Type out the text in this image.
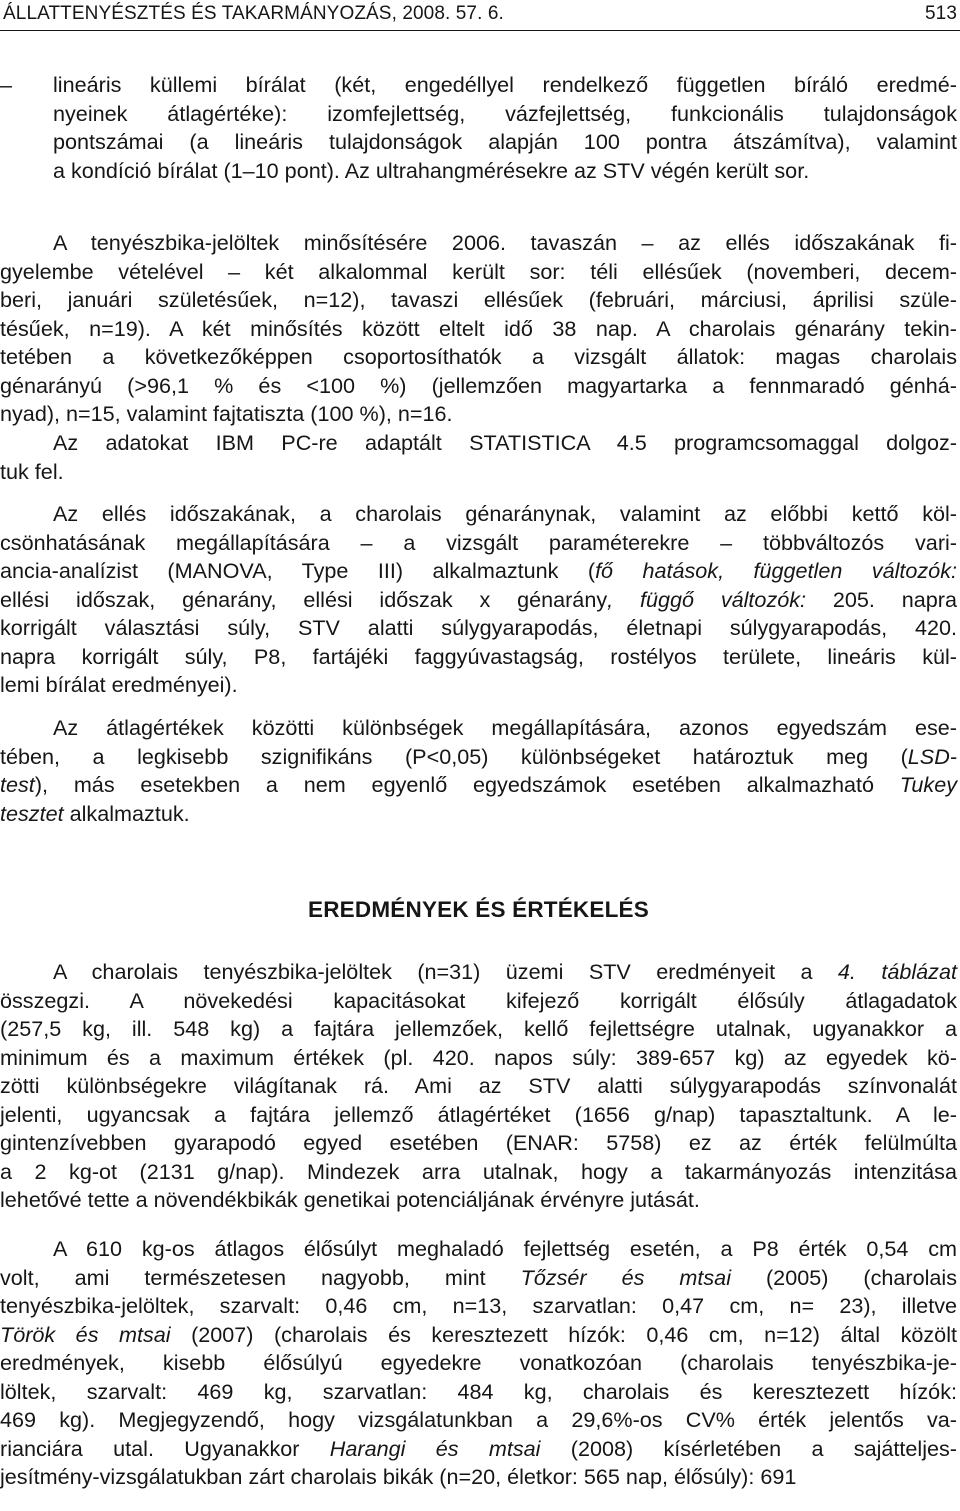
ÁLLATTENYÉSZTÉS ÉS TAKARMÁNYOZÁS, 2008. 57. 6.	513
– lineáris küllemi bírálat (két, engedéllyel rendelkező független bíráló eredmé-
nyeinek átlagértéke): izomfejlettség, vázfejlettség, funkcionális tulajdonságok
pontszámai (a lineáris tulajdonságok alapján 100 pontra átszámítva), valamint
a kondíció bírálat (1–10 pont). Az ultrahangmérésekre az STV végén került sor.
A tenyészbika-jelöltek minősítésére 2006. tavaszán – az ellés időszakának fi-
gyelembe vételével – két alkalommal került sor: téli ellésűek (novemberi, decem-
beri, januári születésűek, n=12), tavaszi ellésűek (februári, márciusi, áprilisi szüle-
tésűek, n=19). A két minősítés között eltelt idő 38 nap. A charolais génarány tekin-
tetében a következőképpen csoportosíthatók a vizsgált állatok: magas charolais
génarányú (>96,1 % és <100 %) (jellemzően magyartarka a fennmaradó génhá-
nyad), n=15, valamint fajtatiszta (100 %), n=16.
Az adatokat IBM PC-re adaptált STATISTICA 4.5 programcsomaggal dolgoz-
tuk fel.
Az ellés időszakának, a charolais génaránynak, valamint az előbbi kettő köl-
csönhatásának megállapítására – a vizsgált paraméterekre – többváltozós vari-
ancia-analízist (MANOVA, Type III) alkalmaztunk (fő hatások, független változók:
ellési időszak, génarány, ellési időszak x génarány, függő változók: 205. napra
korrigált választási súly, STV alatti súlygyarapodás, életnapi súlygyarapodás, 420.
napra korrigált súly, P8, fartájéki faggyúvastagság, rostélyos területe, lineáris kül-
lemi bírálat eredményei).
Az átlagértékek közötti különbségek megállapítására, azonos egyedszám ese-
tében, a legkisebb szignifikáns (P<0,05) különbségeket határoztuk meg (LSD-
test), más esetekben a nem egyenlő egyedszámok esetében alkalmazható Tukey
tesztet alkalmaztuk.
EREDMÉNYEK ÉS ÉRTÉKELÉS
A charolais tenyészbika-jelöltek (n=31) üzemi STV eredményeit a 4. táblázat
összegzi. A növekedési kapacitásokat kifejező korrigált élősúly átlagadatok
(257,5 kg, ill. 548 kg) a fajtára jellemzőek, kellő fejlettségre utalnak, ugyanakkor a
minimum és a maximum értékek (pl. 420. napos súly: 389-657 kg) az egyedek kö-
zötti különbségekre világítanak rá. Ami az STV alatti súlygyarapodás színvonalát
jelenti, ugyancsak a fajtára jellemző átlagértéket (1656 g/nap) tapasztaltunk. A le-
gintenzívebben gyarapodó egyed esetében (ENAR: 5758) ez az érték felülmúlta
a 2 kg-ot (2131 g/nap). Mindezek arra utalnak, hogy a takarmányozás intenzitása
lehetővé tette a növendékbikák genetikai potenciáljának érvényre jutását.
A 610 kg-os átlagos élősúlyt meghaladó fejlettség esetén, a P8 érték 0,54 cm
volt, ami természetesen nagyobb, mint Tőzsér és mtsai (2005) (charolais
tenyészbika-jelöltek, szarvalt: 0,46 cm, n=13, szarvatlan: 0,47 cm, n= 23), illetve
Török és mtsai (2007) (charolais és keresztezett hízók: 0,46 cm, n=12) által közölt
eredmények, kisebb élősúlyú egyedekre vonatkozóan (charolais tenyészbika-je-
löltek, szarvalt: 469 kg, szarvatlan: 484 kg, charolais és keresztezett hízók:
469 kg). Megjegyzendő, hogy vizsgálatunkban a 29,6%-os CV% érték jelentős va-
rianciára utal. Ugyanakkor Harangi és mtsai (2008) kísérletében a sajátteljes-
jesítmény-vizsgálatukban zárt charolais bikák (n=20, életkor: 565 nap, élősúly): 691
